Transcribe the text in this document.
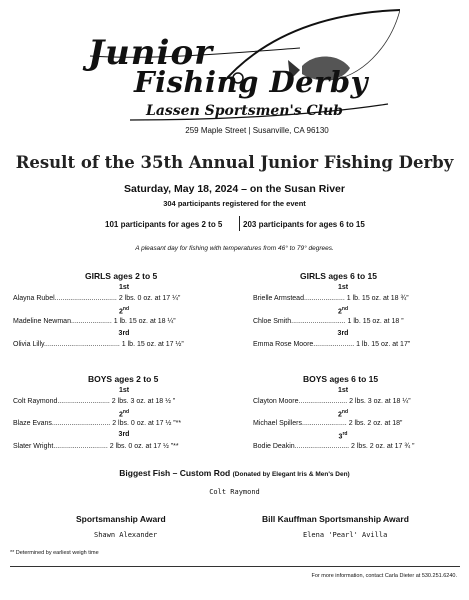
Junior
Fishing Derby
Lassen Sportsmen's Club
259 Maple Street | Susanville, CA 96130
Result of the 35th Annual Junior Fishing Derby
Saturday, May 18, 2024 – on the Susan River
304 participants registered for the event
101 participants for ages 2 to 5	203 participants for ages 6 to 15
A pleasant day for fishing with temperatures from 46° to 79° degrees.
GIRLS ages 2 to 5
1st
Alayna Rubel................................ 2 lbs. 0 oz. at 17 ¼”
2nd
Madeline Newman..................... 1 lb. 15 oz. at 18 ¼”
3rd
Olivia Lilly....................................... 1 lb. 15 oz. at 17 ½”
GIRLS ages 6 to 15
1st
Brielle Armstead..................... 1 lb. 15 oz. at 18 ¾”
2nd
Chloe Smith............................ 1 lb. 15 oz. at 18 ”
3rd
Emma Rose Moore..................... 1 lb. 15 oz. at 17”
BOYS ages 2 to 5
1st
Colt Raymond........................... 2 lbs. 3 oz. at 18 ½ ”
2nd
Blaze Evans.............................. 2 lbs. 0 oz. at 17 ½ ”**
3rd
Slater Wright............................ 2 lbs. 0 oz. at 17 ½ ”**
BOYS ages 6 to 15
1st
Clayton Moore......................... 2 lbs. 3 oz. at 18 ¼”
2nd
Michael Spillers....................... 2 lbs. 2 oz. at 18”
3rd
Bodie Deakin............................ 2 lbs. 2 oz. at 17 ¾ ”
Biggest Fish – Custom Rod (Donated by Elegant Iris & Men's Den)
Colt Raymond
Sportsmanship Award
Shawn Alexander
Bill Kauffman Sportsmanship Award
Elena 'Pearl' Avilla
** Determined by earliest weigh time
For more information, contact Carla Dieter at 530.251.6240.
